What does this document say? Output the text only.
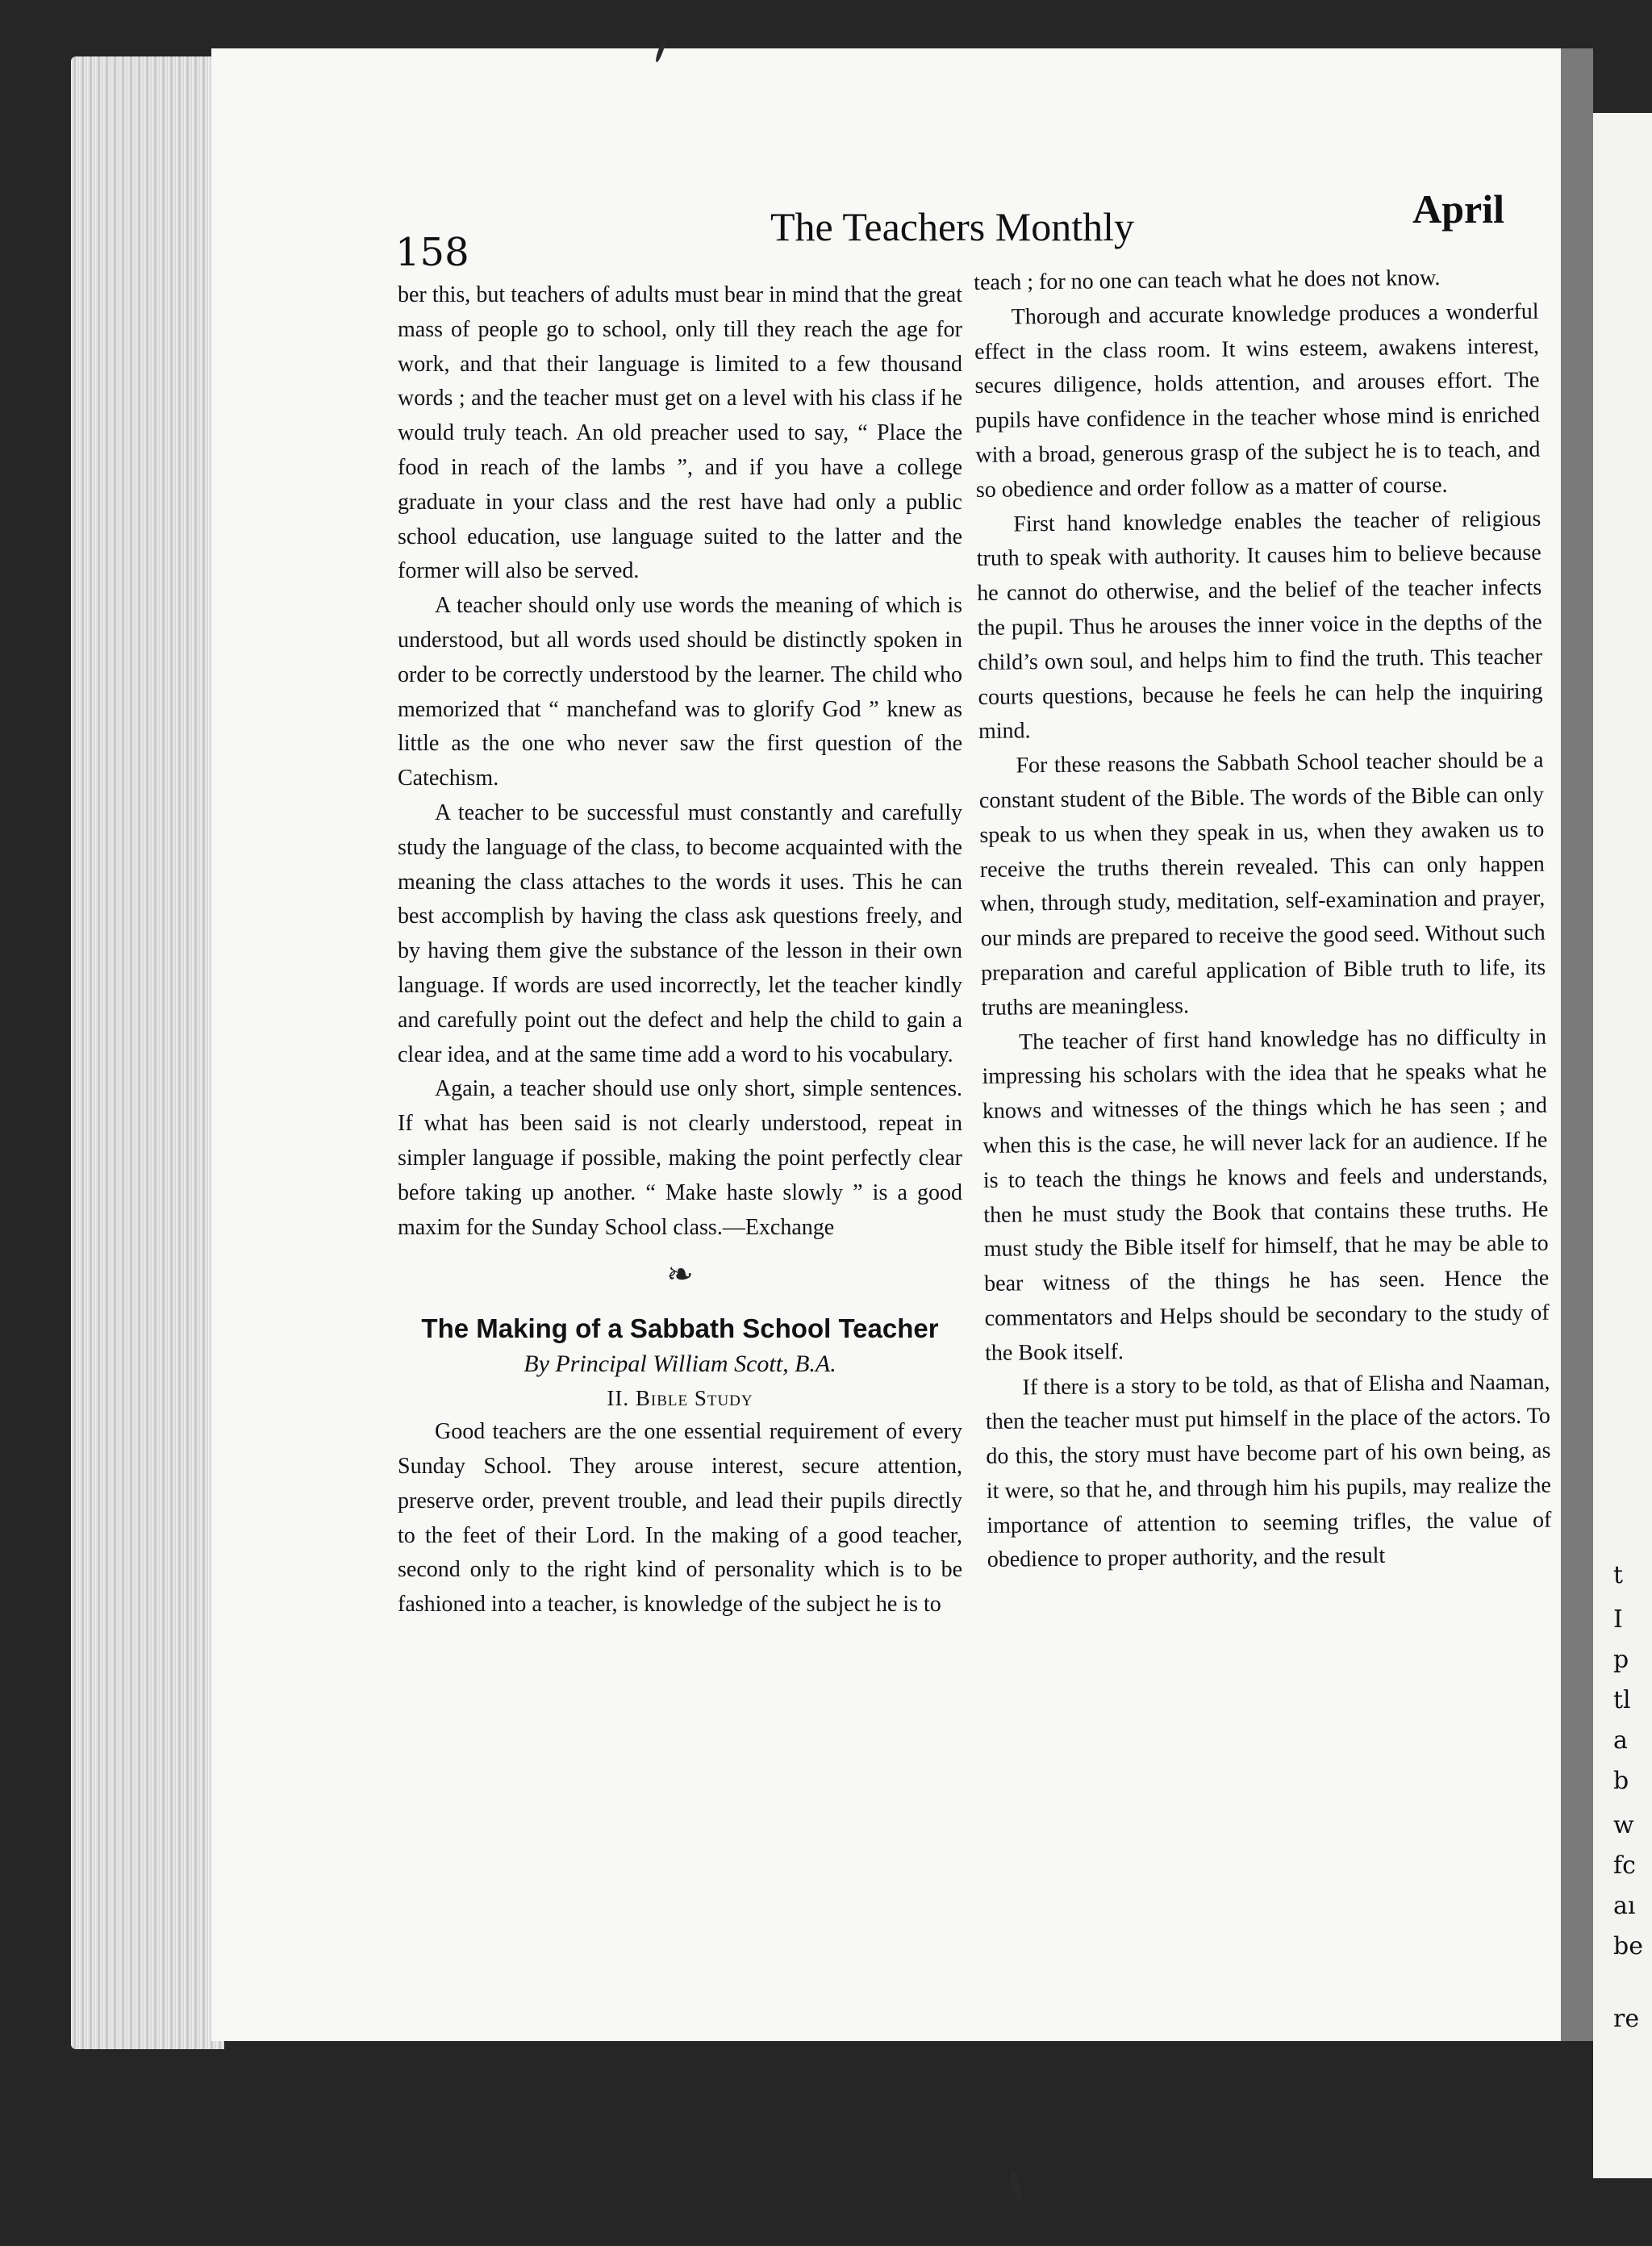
t
I
p
tl
a
b
w
fc
aı
be
re
158
The Teachers Monthly	April

ber this, but teachers of adults must bear in mind that the great mass of people go to school, only till they reach the age for work, and that their language is limited to a few thousand words ; and the teacher must get on a level with his class if he would truly teach. An old preacher used to say, “ Place the food in reach of the lambs ”, and if you have a college graduate in your class and the rest have had only a public school education, use language suited to the latter and the former will also be served.

A teacher should only use words the meaning of which is understood, but all words used should be distinctly spoken in order to be correctly understood by the learner. The child who memorized that “ manchefand was to glorify God ” knew as little as the one who never saw the first question of the Catechism.

A teacher to be successful must constantly and carefully study the language of the class, to become acquainted with the meaning the class attaches to the words it uses. This he can best accomplish by having the class ask questions freely, and by having them give the substance of the lesson in their own language. If words are used incorrectly, let the teacher kindly and carefully point out the defect and help the child to gain a clear idea, and at the same time add a word to his vocabulary.

Again, a teacher should use only short, simple sentences. If what has been said is not clearly understood, repeat in simpler language if possible, making the point perfectly clear before taking up another. “ Make haste slowly ” is a good maxim for the Sunday School class.—Exchange

❧
The Making of a Sabbath School Teacher
By Principal William Scott, B.A.
II. Bible Study

Good teachers are the one essential requirement of every Sunday School. They arouse interest, secure attention, preserve order, prevent trouble, and lead their pupils directly to the feet of their Lord. In the making of a good teacher, second only to the right kind of personality which is to be fashioned into a teacher, is knowledge of the subject he is to

teach ; for no one can teach what he does not know.

Thorough and accurate knowledge produces a wonderful effect in the class room. It wins esteem, awakens interest, secures diligence, holds attention, and arouses effort. The pupils have confidence in the teacher whose mind is enriched with a broad, generous grasp of the subject he is to teach, and so obedience and order follow as a matter of course.

First hand knowledge enables the teacher of religious truth to speak with authority. It causes him to believe because he cannot do otherwise, and the belief of the teacher infects the pupil. Thus he arouses the inner voice in the depths of the child’s own soul, and helps him to find the truth. This teacher courts questions, because he feels he can help the inquiring mind.

For these reasons the Sabbath School teacher should be a constant student of the Bible. The words of the Bible can only speak to us when they speak in us, when they awaken us to receive the truths therein revealed. This can only happen when, through study, meditation, self-examination and prayer, our minds are prepared to receive the good seed. Without such preparation and careful application of Bible truth to life, its truths are meaningless.

The teacher of first hand knowledge has no difficulty in impressing his scholars with the idea that he speaks what he knows and witnesses of the things which he has seen ; and when this is the case, he will never lack for an audience. If he is to teach the things he knows and feels and understands, then he must study the Book that contains these truths. He must study the Bible itself for himself, that he may be able to bear witness of the things he has seen. Hence the commentators and Helps should be secondary to the study of the Book itself.

If there is a story to be told, as that of Elisha and Naaman, then the teacher must put himself in the place of the actors. To do this, the story must have become part of his own being, as it were, so that he, and through him his pupils, may realize the importance of attention to seeming trifles, the value of obedience to proper authority, and the result
